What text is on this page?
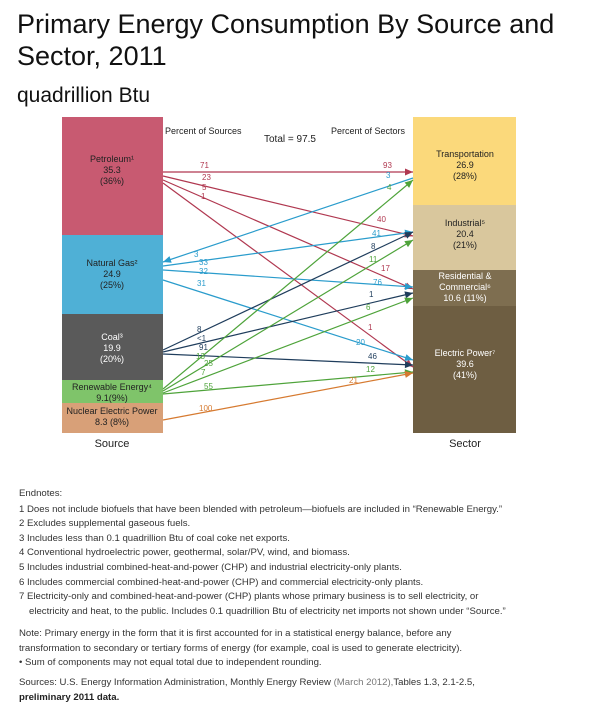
Primary Energy Consumption By Source and Sector, 2011
quadrillion Btu
71	93
23
40
5
17
1
1
3
3
33
41
32
76
31
20
8
8
<1
1
91
46
13
4
25
11
7
6
55
12
100
21
Petroleum¹
35.3
(36%)
Natural Gas²
24.9
(25%)
Coal³
19.9
(20%)
Renewable Energy⁴
9.1(9%)
Nuclear Electric Power
8.3 (8%)
Transportation
26.9
(28%)
Industrial⁵
20.4
(21%)
Residential &
Commercial⁶
10.6 (11%)
Electric Power⁷
39.6
(41%)
Percent of Sources
Total = 97.5
Percent of Sectors
Source	Sector
Endnotes:
1 Does not include biofuels that have been blended with petroleum—biofuels are included in “Renewable Energy.”
2 Excludes supplemental gaseous fuels.
3 Includes less than 0.1 quadrillion Btu of coal coke net exports.
4 Conventional hydroelectric power, geothermal, solar/PV, wind, and biomass.
5 Includes industrial combined-heat-and-power (CHP) and industrial electricity-only plants.
6 Includes commercial combined-heat-and-power (CHP) and commercial electricity-only plants.
7 Electricity-only and combined-heat-and-power (CHP) plants whose primary business is to sell electricity, or
electricity and heat, to the public. Includes 0.1 quadrillion Btu of electricity net imports not shown under “Source.”
Note: Primary energy in the form that it is first accounted for in a statistical energy balance, before any
transformation to secondary or tertiary forms of energy (for example, coal is used to generate electricity).
• Sum of components may not equal total due to independent rounding.
Sources: U.S. Energy Information Administration, Monthly Energy Review (March 2012),Tables 1.3, 2.1-2.5,
preliminary 2011 data.
